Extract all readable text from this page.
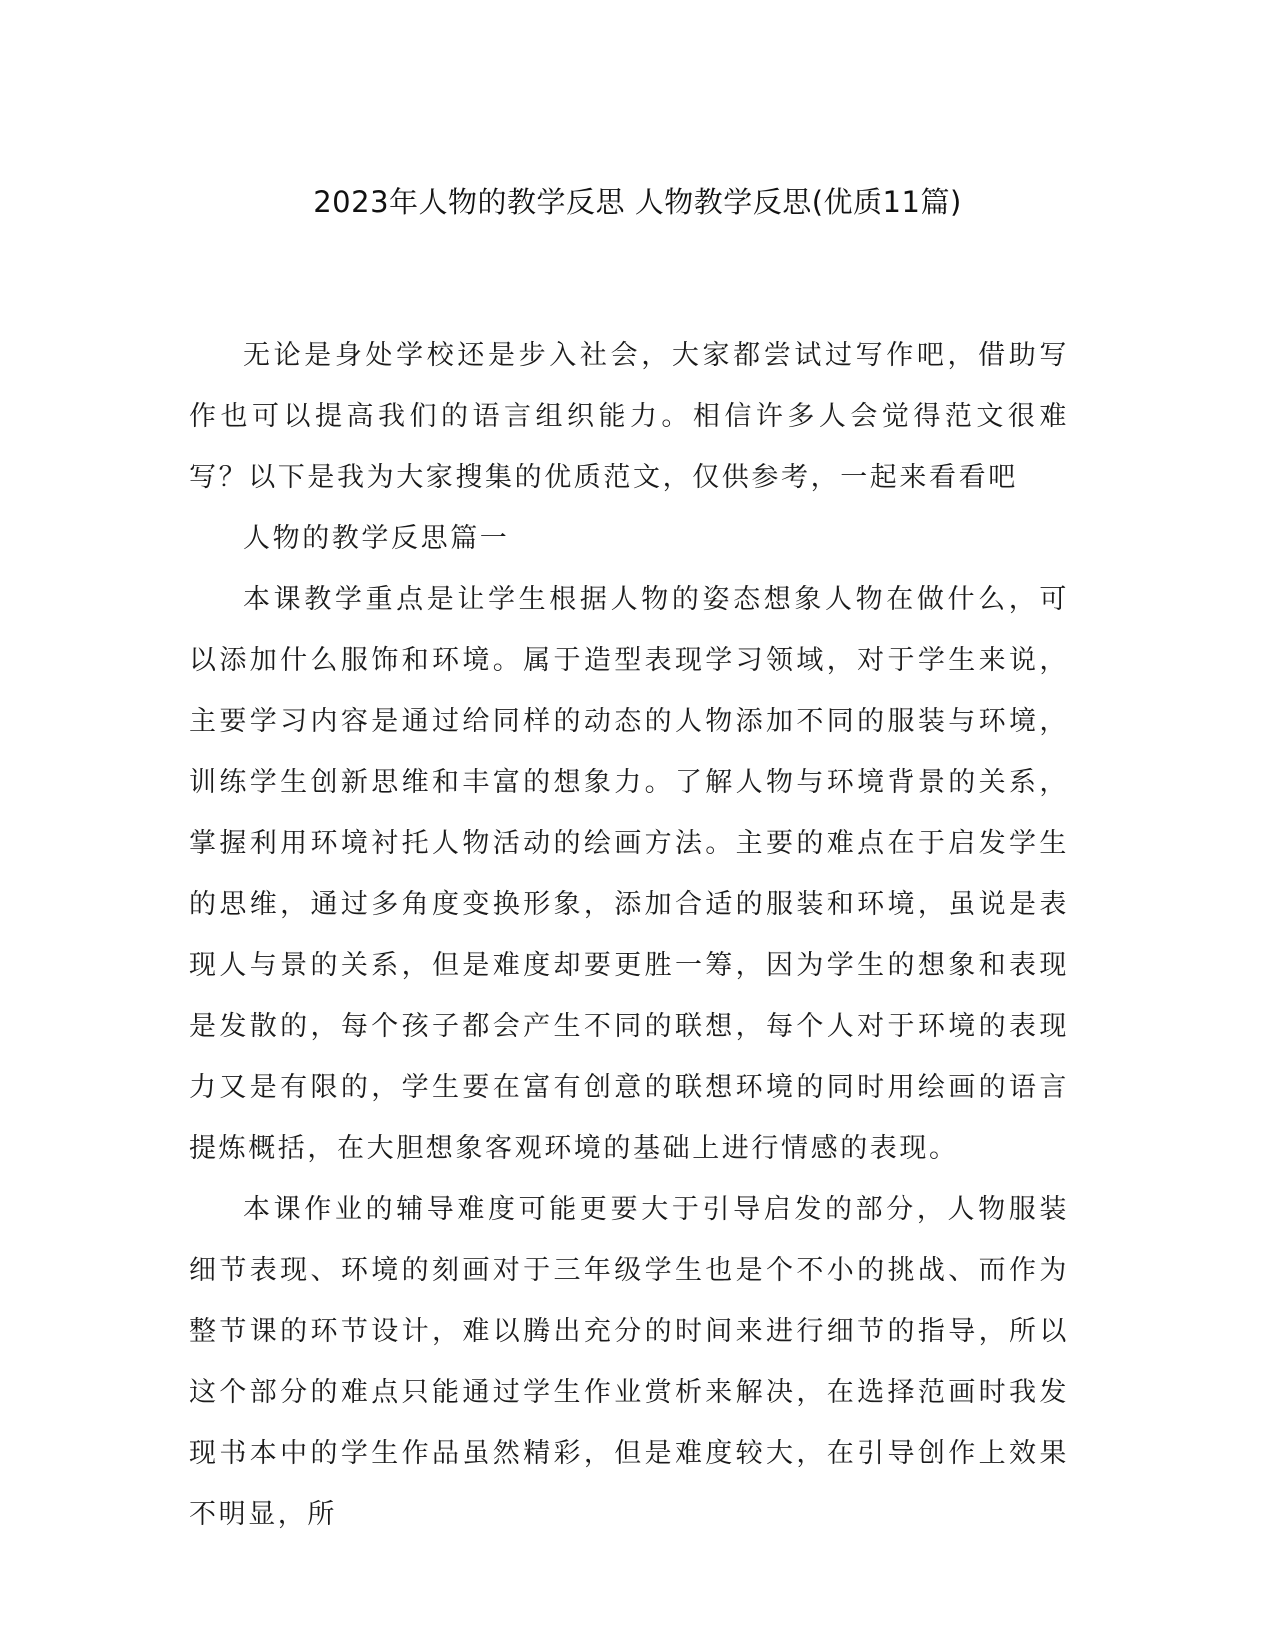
2023年人物的教学反思 人物教学反思(优质11篇)

无论是身处学校还是步入社会，大家都尝试过写作吧，借助写作也可以提高我们的语言组织能力。相信许多人会觉得范文很难写？以下是我为大家搜集的优质范文，仅供参考，一起来看看吧

人物的教学反思篇一

本课教学重点是让学生根据人物的姿态想象人物在做什么，可以添加什么服饰和环境。属于造型表现学习领域，对于学生来说，主要学习内容是通过给同样的动态的人物添加不同的服装与环境，训练学生创新思维和丰富的想象力。了解人物与环境背景的关系，掌握利用环境衬托人物活动的绘画方法。主要的难点在于启发学生的思维，通过多角度变换形象，添加合适的服装和环境，虽说是表现人与景的关系，但是难度却要更胜一筹，因为学生的想象和表现是发散的，每个孩子都会产生不同的联想，每个人对于环境的表现力又是有限的，学生要在富有创意的联想环境的同时用绘画的语言提炼概括，在大胆想象客观环境的基础上进行情感的表现。

本课作业的辅导难度可能更要大于引导启发的部分，人物服装细节表现、环境的刻画对于三年级学生也是个不小的挑战、而作为整节课的环节设计，难以腾出充分的时间来进行细节的指导，所以这个部分的难点只能通过学生作业赏析来解决，在选择范画时我发现书本中的学生作品虽然精彩，但是难度较大，在引导创作上效果不明显，所
